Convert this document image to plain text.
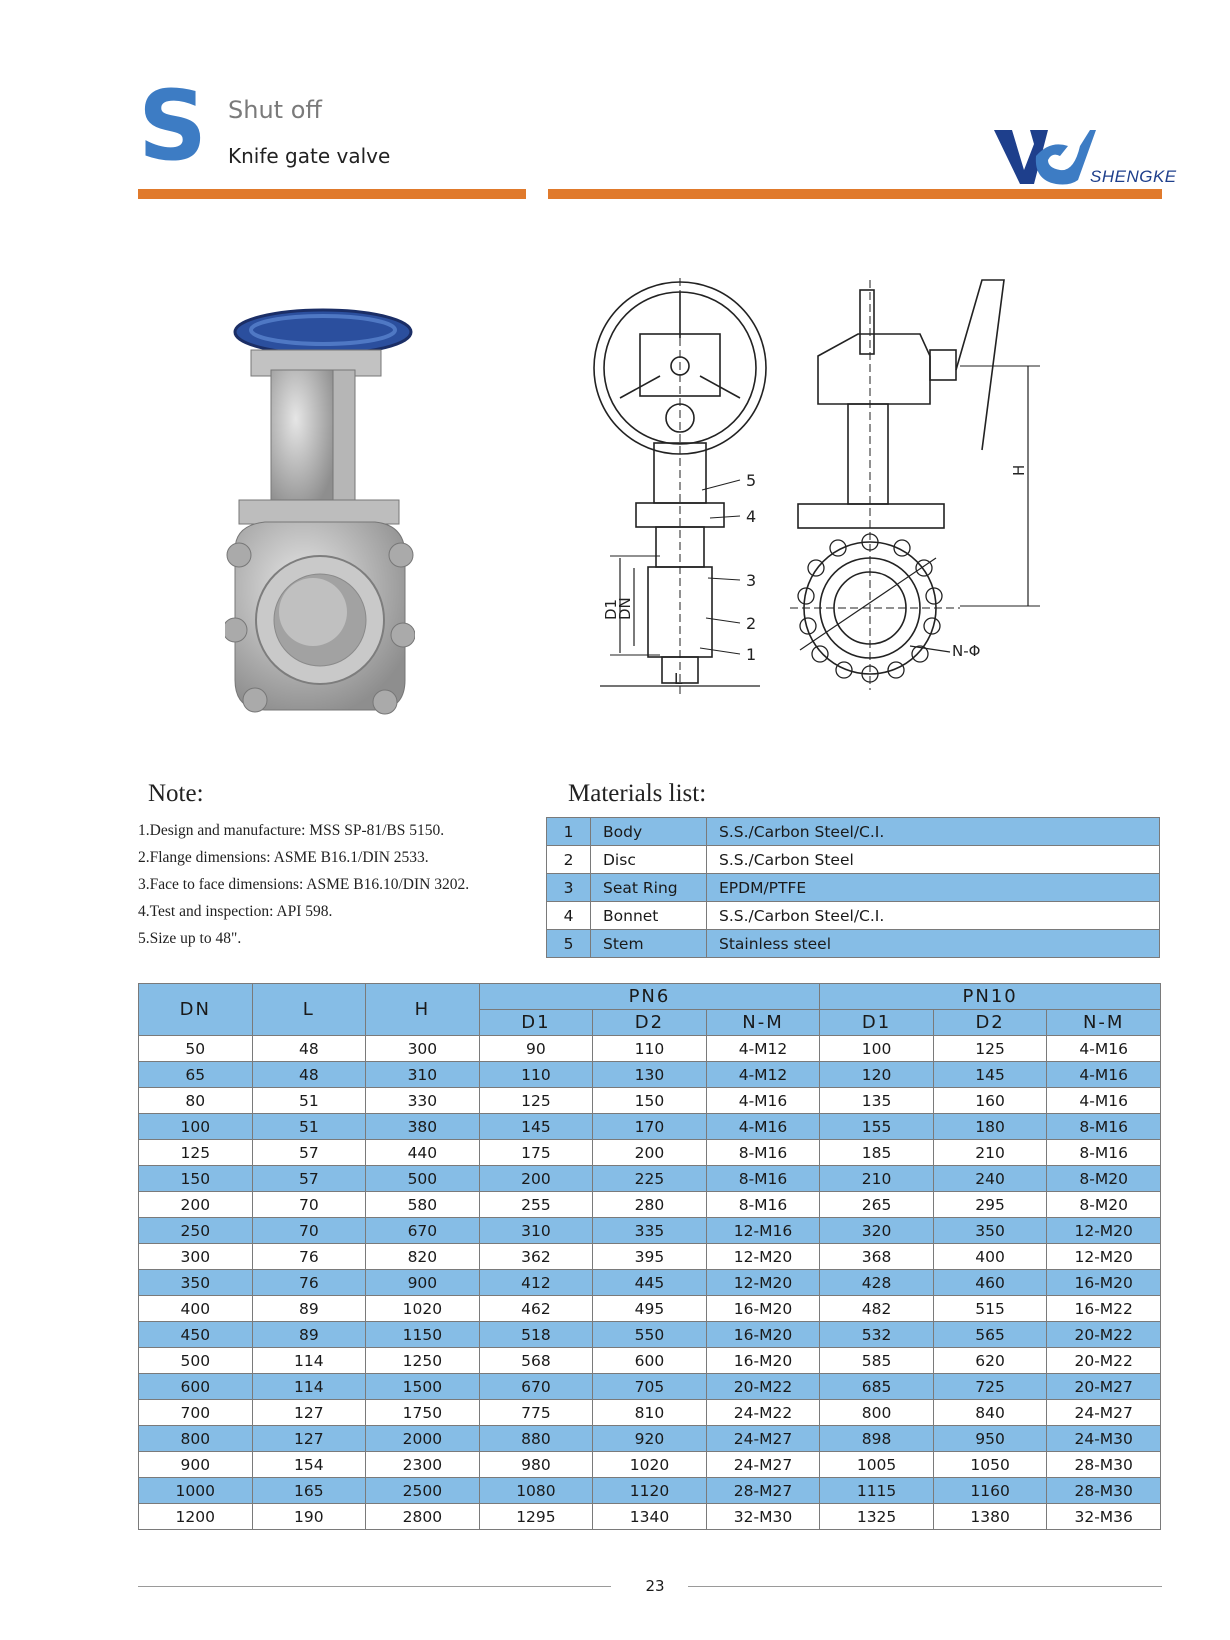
S Shut off
Knife gate valve
SHENGKE
5
4
3
2
1
L
D1
DN
N-Φ
H
Note:
1.Design and manufacture: MSS SP-81/BS 5150.
2.Flange dimensions: ASME B16.1/DIN 2533.
3.Face to face dimensions: ASME B16.10/DIN 3202.
4.Test and inspection: API 598.
5.Size up to 48".
Materials list:
1	Body	S.S./Carbon Steel/C.I.
2	Disc	S.S./Carbon Steel
3	Seat Ring	EPDM/PTFE
4	Bonnet	S.S./Carbon Steel/C.I.
5	Stem	Stainless steel
DN	L	H	PN6			PN10		
			D1	D2	N-M	D1	D2	N-M
50	48	300	90	110	4-M12	100	125	4-M16
65	48	310	110	130	4-M12	120	145	4-M16
80	51	330	125	150	4-M16	135	160	4-M16
100	51	380	145	170	4-M16	155	180	8-M16
125	57	440	175	200	8-M16	185	210	8-M16
150	57	500	200	225	8-M16	210	240	8-M20
200	70	580	255	280	8-M16	265	295	8-M20
250	70	670	310	335	12-M16	320	350	12-M20
300	76	820	362	395	12-M20	368	400	12-M20
350	76	900	412	445	12-M20	428	460	16-M20
400	89	1020	462	495	16-M20	482	515	16-M22
450	89	1150	518	550	16-M20	532	565	20-M22
500	114	1250	568	600	16-M20	585	620	20-M22
600	114	1500	670	705	20-M22	685	725	20-M27
700	127	1750	775	810	24-M22	800	840	24-M27
800	127	2000	880	920	24-M27	898	950	24-M30
900	154	2300	980	1020	24-M27	1005	1050	28-M30
1000	165	2500	1080	1120	28-M27	1115	1160	28-M30
1200	190	2800	1295	1340	32-M30	1325	1380	32-M36
23
